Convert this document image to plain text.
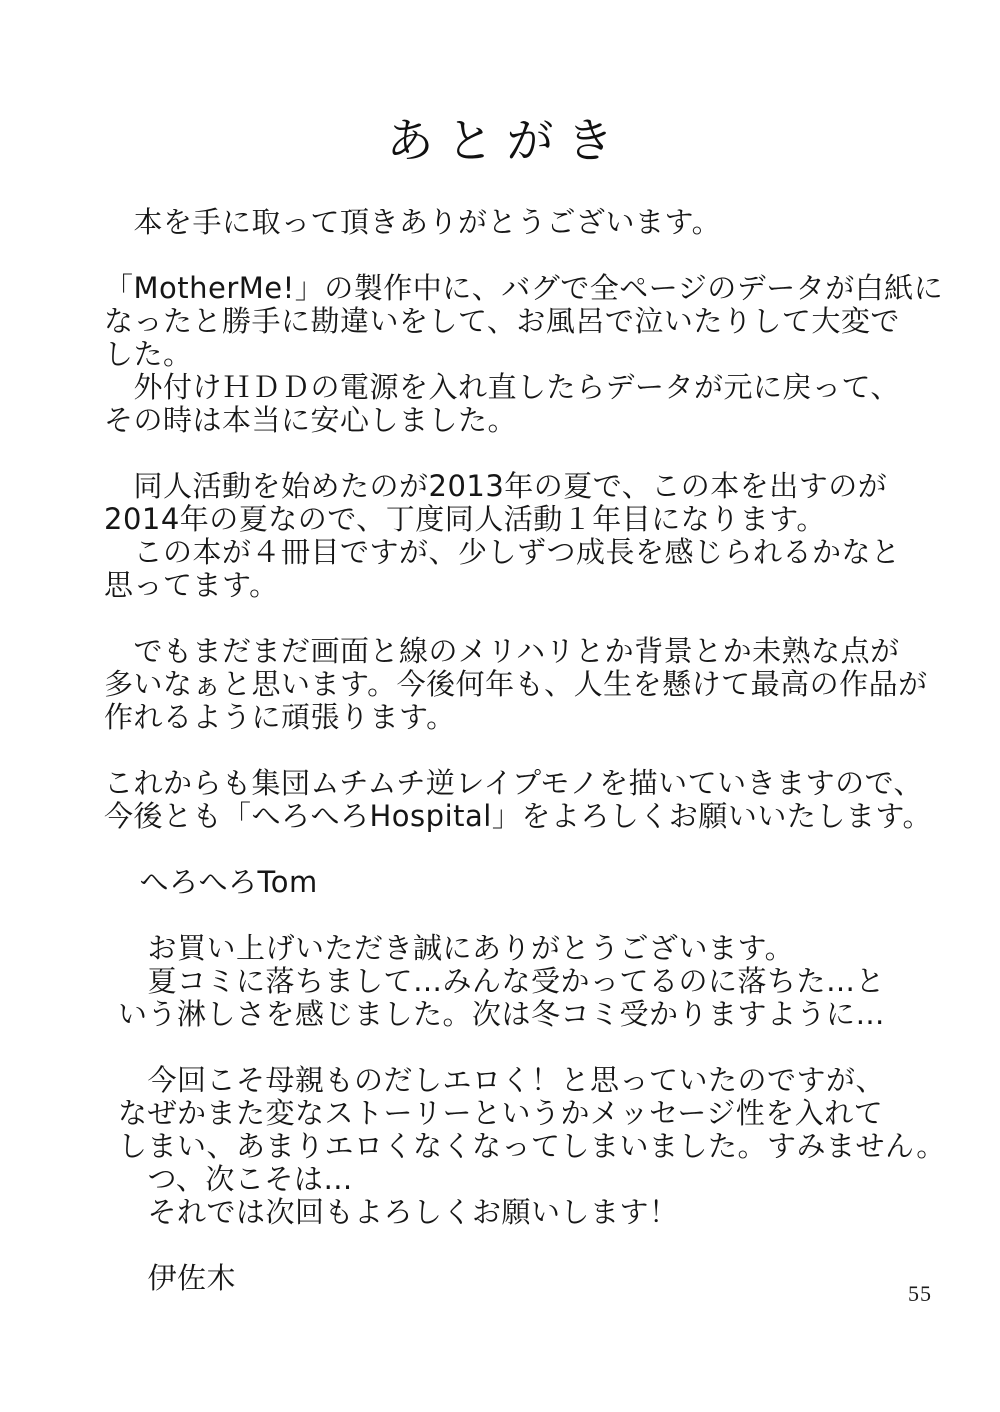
あとがき
　本を手に取って頂きありがとうございます。
「MotherMe!」の製作中に、バグで全ページのデータが白紙に
なったと勝手に勘違いをして、お風呂で泣いたりして大変で
した。
　外付けＨＤＤの電源を入れ直したらデータが元に戻って、
その時は本当に安心しました。
　同人活動を始めたのが2013年の夏で、この本を出すのが
2014年の夏なので、丁度同人活動１年目になります。
　この本が４冊目ですが、少しずつ成長を感じられるかなと
思ってます。
　でもまだまだ画面と線のメリハリとか背景とか未熟な点が
多いなぁと思います。今後何年も、人生を懸けて最高の作品が
作れるように頑張ります。
これからも集団ムチムチ逆レイプモノを描いていきますので、
今後とも「へろへろHospital」をよろしくお願いいたします。
　へろへろTom
　お買い上げいただき誠にありがとうございます。
　夏コミに落ちまして…みんな受かってるのに落ちた…と
いう淋しさを感じました。次は冬コミ受かりますように…
　今回こそ母親ものだしエロく！と思っていたのですが、
なぜかまた変なストーリーというかメッセージ性を入れて
しまい、あまりエロくなくなってしまいました。すみません。
　つ、次こそは…
　それでは次回もよろしくお願いします！
　伊佐木	55
